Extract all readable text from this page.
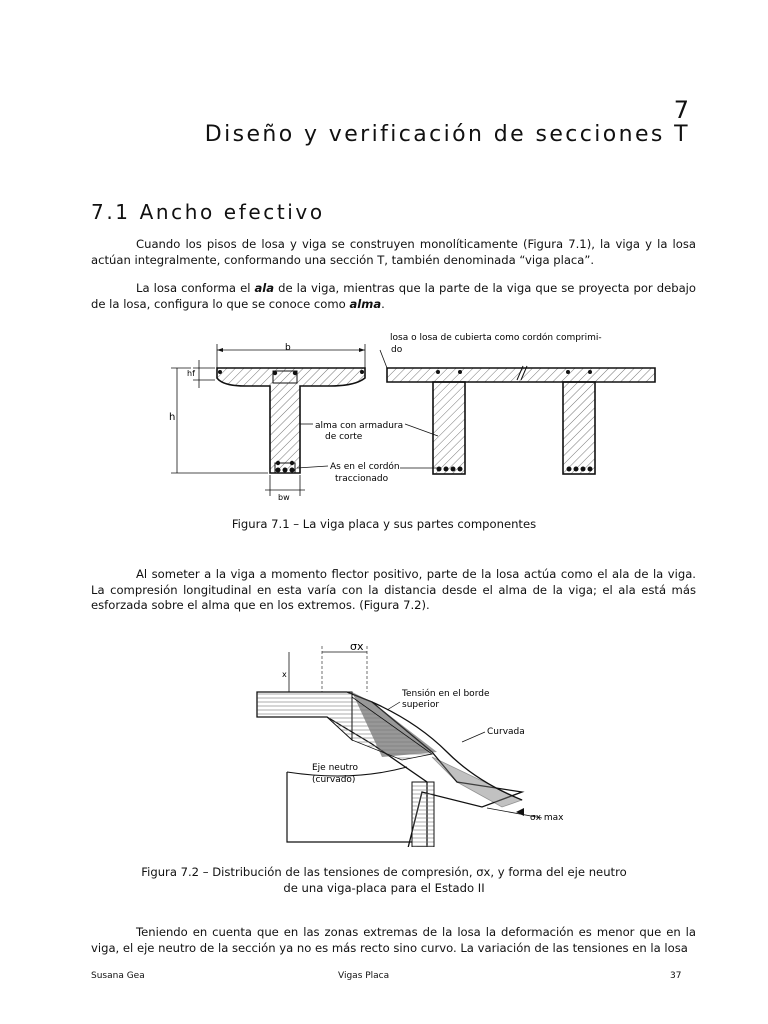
7
Diseño y verificación de secciones T
7.1 Ancho efectivo
Cuando los pisos de losa y viga se construyen monolíticamente (Figura 7.1), la viga y la losa actúan integralmente, conformando una sección T, también denominada “viga placa”.
La losa conforma el ala de la viga, mientras que la parte de la viga que se proyecta por debajo de la losa, configura lo que se conoce como alma.
b
hf
h
bw
alma con armadura
de corte
As en el cordón
traccionado
losa o losa de cubierta como cordón comprimi-
do
Figura 7.1 – La viga placa y sus partes componentes
Al someter a la viga a momento flector positivo, parte de la losa actúa como el ala de la viga. La compresión longitudinal en esta varía con la distancia desde el alma de la viga; el ala está más esforzada sobre el alma que en los extremos. (Figura 7.2).
σx
x
Tensión en el borde
superior
Curvada
Eje neutro
(curvado)
σx max
Figura 7.2 – Distribución de las tensiones de compresión, σx, y forma del eje neutro
de una viga-placa para el Estado II
Teniendo en cuenta que en las zonas extremas de la losa la deformación es menor que en la viga, el eje neutro de la sección ya no es más recto sino curvo. La variación de las tensiones en la losa
Susana Gea	Vigas Placa	37
